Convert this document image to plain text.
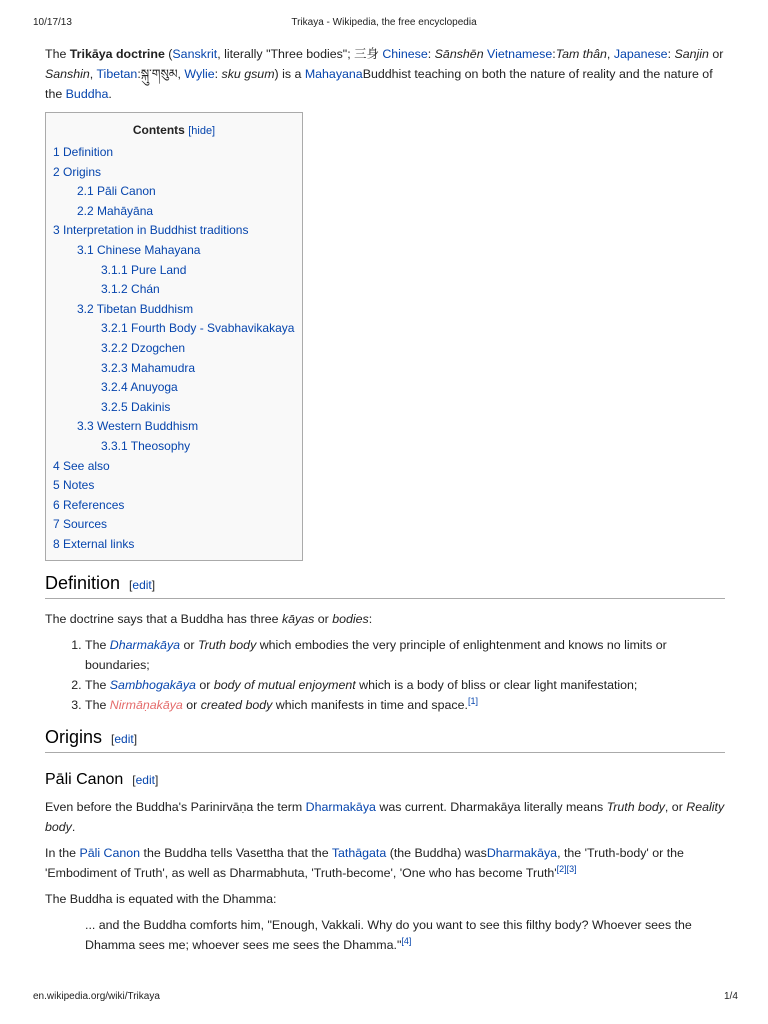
10/17/13	Trikaya - Wikipedia, the free encyclopedia

The Trikāya doctrine (Sanskrit, literally "Three bodies"; 三身 Chinese: Sānshēn Vietnamese:Tam thân, Japanese: Sanjin or Sanshin, Tibetan:སྐུ་གསུམ, Wylie: sku gsum) is a MahayanaBuddhist teaching on both the nature of reality and the nature of the Buddha.

Contents [hide]
1 Definition
2 Origins
2.1 Pāli Canon
2.2 Mahāyāna
3 Interpretation in Buddhist traditions
3.1 Chinese Mahayana
3.1.1 Pure Land
3.1.2 Chán
3.2 Tibetan Buddhism
3.2.1 Fourth Body - Svabhavikakaya
3.2.2 Dzogchen
3.2.3 Mahamudra
3.2.4 Anuyoga
3.2.5 Dakinis
3.3 Western Buddhism
3.3.1 Theosophy
4 See also
5 Notes
6 References
7 Sources
8 External links
Definition [edit]

The doctrine says that a Buddha has three kāyas or bodies:

1. The Dharmakāya or Truth body which embodies the very principle of enlightenment and knows no limits or boundaries;
2. The Sambhogakāya or body of mutual enjoyment which is a body of bliss or clear light manifestation;
3. The Nirmāṇakāya or created body which manifests in time and space.[1]
Origins [edit]
Pāli Canon [edit]

Even before the Buddha's Parinirvāṇa the term Dharmakāya was current. Dharmakāya literally means Truth body, or Reality body.

In the Pāli Canon the Buddha tells Vasettha that the Tathāgata (the Buddha) wasDharmakāya, the 'Truth-body' or the 'Embodiment of Truth', as well as Dharmabhuta, 'Truth-become', 'One who has become Truth'[2][3]

The Buddha is equated with the Dhamma:

... and the Buddha comforts him, "Enough, Vakkali. Why do you want to see this filthy body? Whoever sees the Dhamma sees me; whoever sees me sees the Dhamma."[4]
en.wikipedia.org/wiki/Trikaya	1/4
